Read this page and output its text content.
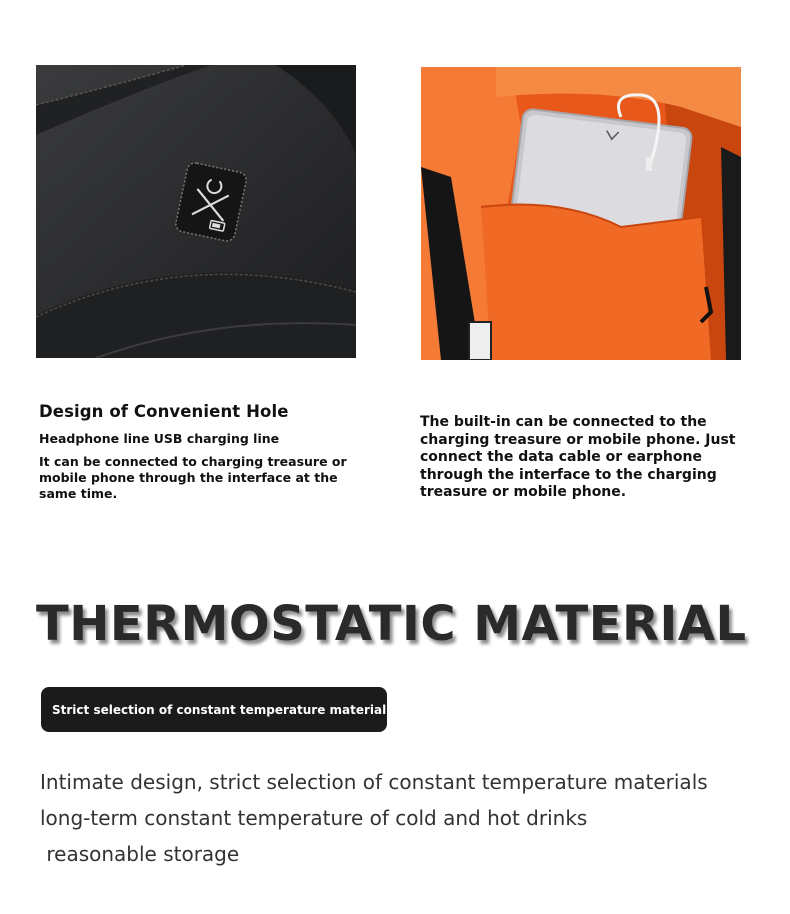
Design of Convenient Hole
Headphone line USB charging line

It can be connected to charging treasure or mobile phone through the interface at the same time.

The built-in can be connected to the charging treasure or mobile phone. Just connect the data cable or earphone through the interface to the charging treasure or mobile phone.

THERMOSTATIC MATERIAL
Strict selection of constant temperature material
Intimate design, strict selection of constant temperature materials
long-term constant temperature of cold and hot drinks
reasonable storage
